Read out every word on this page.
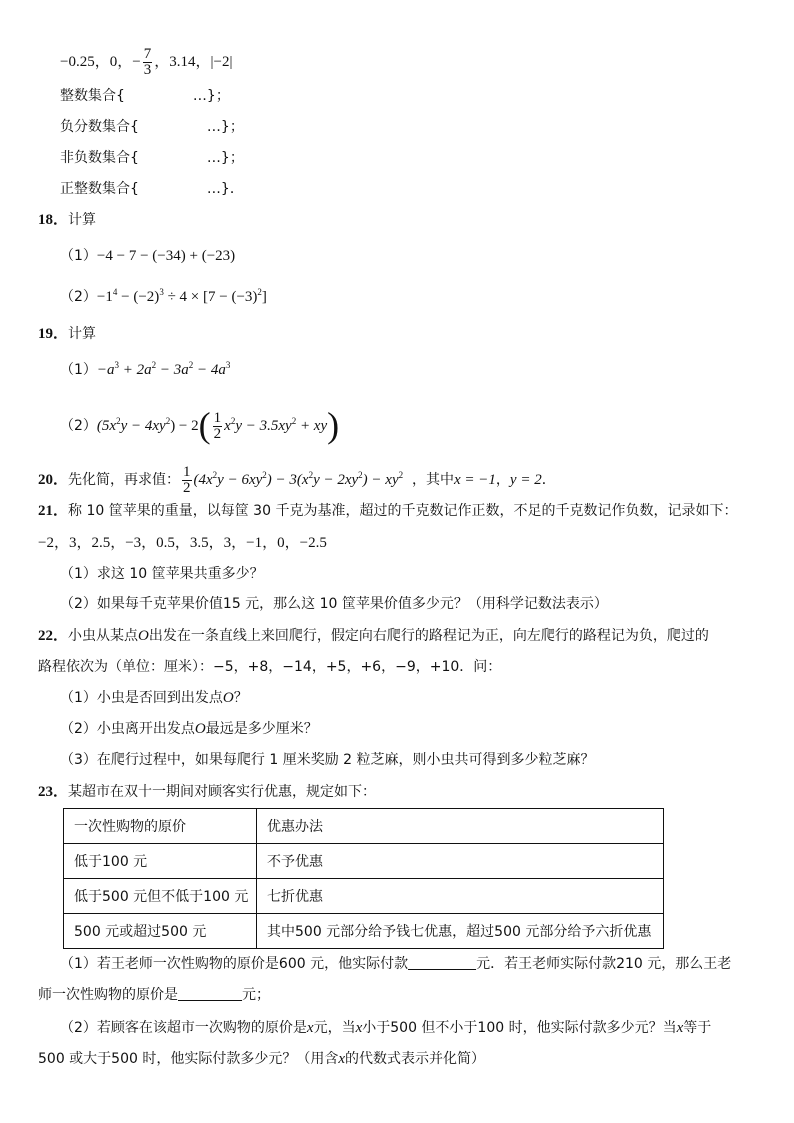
−0.25，0，− $\frac{7}{3}$ ，3.14，|−2|
整数集合{	…}；
负分数集合{	…}；
非负数集合{	…}；
正整数集合{	…}．
18．计算
（1）−4 − 7 − (−34) + (−23)
$(2)-1^4 - (-2)^3 \div 4 \times [7 - (-3)^2]$
19．计算
$(1)-a^3 + 2a^2 - 3a^2 - 4a^3$
$(2)(5x^2y - 4xy^2) - 2( \frac{1}{2} x^2y - 3.5xy^2 + xy)$
20．先化简，再求值： $\frac{1}{2} (4x^2y - 6xy^2) - 3(x^2y - 2xy^2) - xy^2$ ，其中x = −1，y = 2．
21．称 10 筐苹果的重量，以每筐 30 千克为基准，超过的千克数记作正数，不足的千克数记作负数，记录如下：
−2，3，2.5，−3，0.5，3.5，3，−1，0，−2.5
（1）求这 10 筐苹果共重多少？
（2）如果每千克苹果价值15 元，那么这 10 筐苹果价值多少元？（用科学记数法表示）
22．小虫从某点O出发在一条直线上来回爬行，假定向右爬行的路程记为正，向左爬行的路程记为负，爬过的
路程依次为（单位：厘米）：−5，+8，−14，+5，+6，−9，+10．问：
（1）小虫是否回到出发点O？
（2）小虫离开出发点O最远是多少厘米？
（3）在爬行过程中，如果每爬行 1 厘米奖励 2 粒芝麻，则小虫共可得到多少粒芝麻？
23．某超市在双十一期间对顾客实行优惠，规定如下：
一次性购物的原价	优惠办法
低于100 元	不予优惠
低于500 元但不低于100 元	七折优惠
500 元或超过500 元	其中500 元部分给予钱七优惠，超过500 元部分给予六折优惠
（1）若王老师一次性购物的原价是600 元，他实际付款	元．若王老师实际付款210 元，那么王老
师一次性购物的原价是	元；
（2）若顾客在该超市一次购物的原价是x元，当x小于500 但不小于100 时，他实际付款多少元？当x等于
500 或大于500 时，他实际付款多少元？（用含x的代数式表示并化简）
